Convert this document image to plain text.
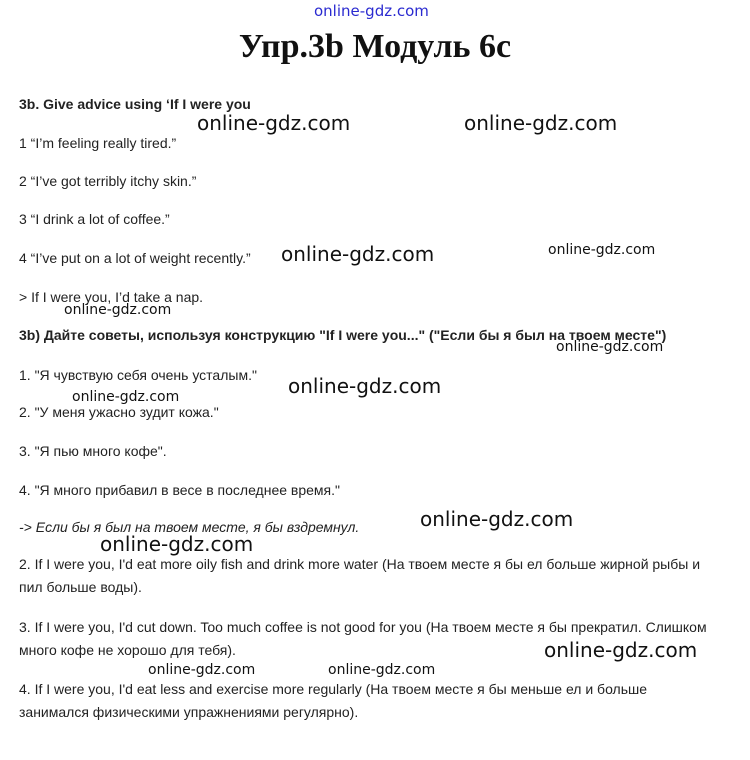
online-gdz.com
Упр.3b Модуль 6c
3b. Give advice using ‘If I were you
1 “I’m feeling really tired.”
2 “I’ve got terribly itchy skin.”
3 “I drink a lot of coffee.”
4 “I’ve put on a lot of weight recently.”
> If I were you, I’d take a nap.
3b) Дайте советы, используя конструкцию "If I were you..." ("Если бы я был на твоем месте")
1. "Я чувствую себя очень усталым."
2. "У меня ужасно зудит кожа."
3. "Я пью много кофе".
4. "Я много прибавил в весе в последнее время."
-> Если бы я был на твоем месте, я бы вздремнул.
2. If I were you, I'd eat more oily fish and drink more water (На твоем месте я бы ел больше жирной рыбы и пил больше воды).
3. If I were you, I'd cut down. Too much coffee is not good for you (На твоем месте я бы прекратил. Слишком много кофе не хорошо для тебя).
4. If I were you, I'd eat less and exercise more regularly (На твоем месте я бы меньше ел и больше занимался физическими упражнениями регулярно).
online-gdz.com	online-gdz.com
online-gdz.com	online-gdz.com
online-gdz.com
online-gdz.com
online-gdz.com
online-gdz.com
online-gdz.com
online-gdz.com
online-gdz.com
online-gdz.com	online-gdz.com
